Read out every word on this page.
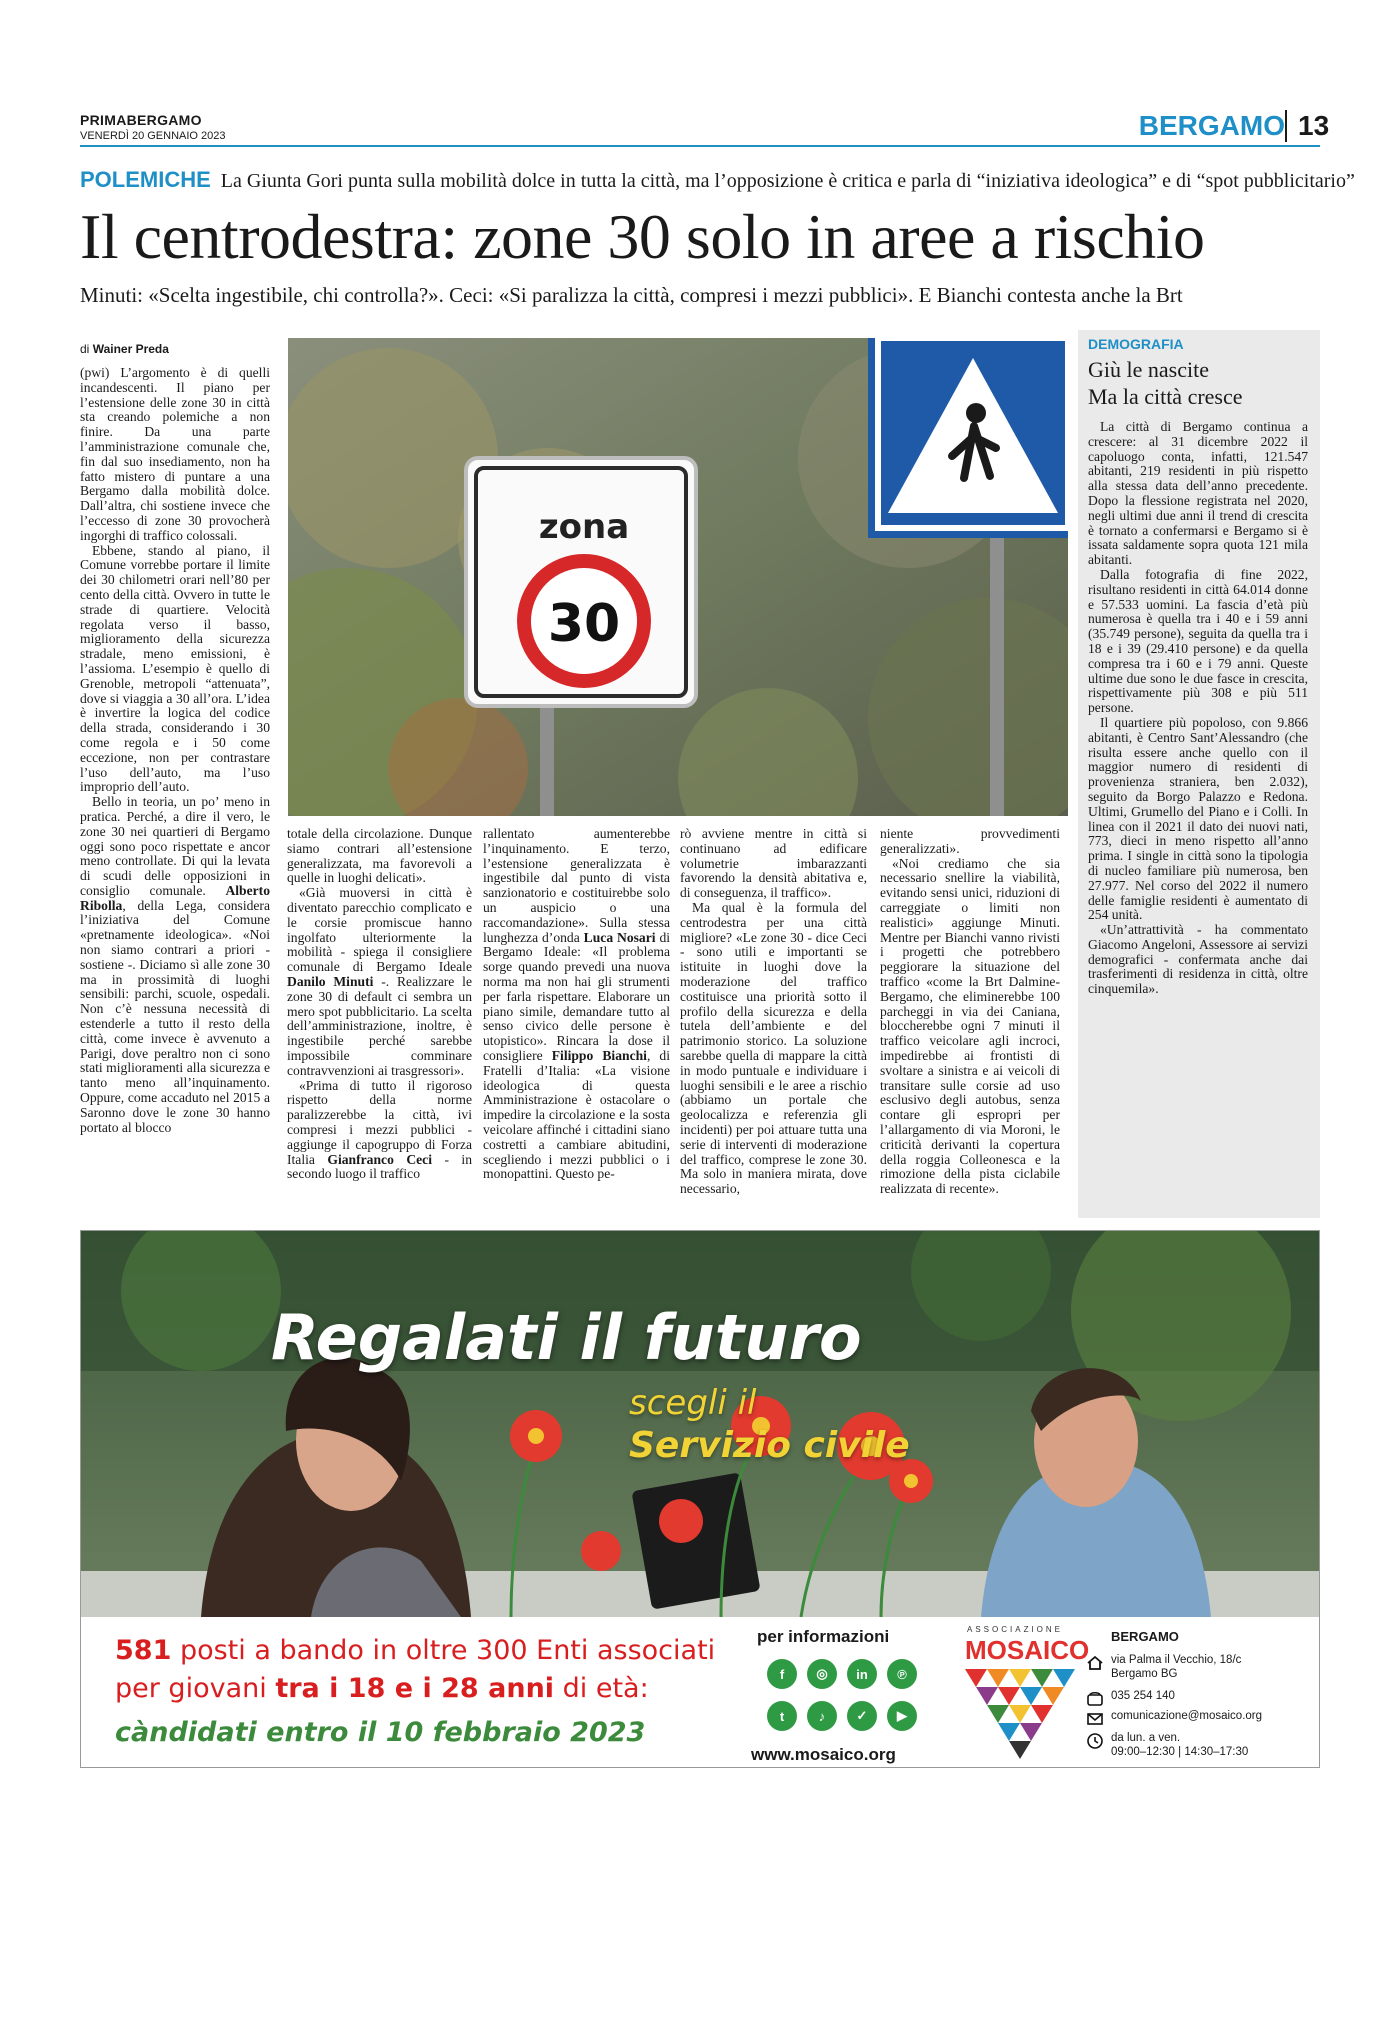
PRIMABERGAMO
VENERDÌ 20 GENNAIO 2023	BERGAMO 13
POLEMICHE La Giunta Gori punta sulla mobilità dolce in tutta la città, ma l’opposizione è critica e parla di “iniziativa ideologica” e di “spot pubblicitario”
Il centrodestra: zone 30 solo in aree a rischio
Minuti: «Scelta ingestibile, chi controlla?». Ceci: «Si paralizza la città, compresi i mezzi pubblici». E Bianchi contesta anche la Brt
di Wainer Preda
zona
30

(pwi) L’argomento è di quelli incandescenti. Il piano per l’estensione delle zone 30 in città sta creando polemiche a non finire. Da una parte l’amministrazione comunale che, fin dal suo insediamento, non ha fatto mistero di puntare a una Bergamo dalla mobilità dolce. Dall’altra, chi sostiene invece che l’eccesso di zone 30 provocherà ingorghi di traffico colossali.

Ebbene, stando al piano, il Comune vorrebbe portare il limite dei 30 chilometri orari nell’80 per cento della città. Ovvero in tutte le strade di quartiere. Velocità regolata verso il basso, miglioramento della sicurezza stradale, meno emissioni, è l’assioma. L’esempio è quello di Grenoble, metropoli “attenuata”, dove si viaggia a 30 all’ora. L’idea è invertire la logica del codice della strada, considerando i 30 come regola e i 50 come eccezione, non per contrastare l’uso dell’auto, ma l’uso improprio dell’auto.

Bello in teoria, un po’ meno in pratica. Perché, a dire il vero, le zone 30 nei quartieri di Bergamo oggi sono poco rispettate e ancor meno controllate. Di qui la levata di scudi delle opposizioni in consiglio comunale. Alberto Ribolla, della Lega, considera l’iniziativa del Comune «pretnamente ideologica». «Noi non siamo contrari a priori - sostiene -. Diciamo sì alle zone 30 ma in prossimità di luoghi sensibili: parchi, scuole, ospedali. Non c’è nessuna necessità di estenderle a tutto il resto della città, come invece è avvenuto a Parigi, dove peraltro non ci sono stati miglioramenti alla sicurezza e tanto meno all’inquinamento. Oppure, come accaduto nel 2015 a Saronno dove le zone 30 hanno portato al blocco

totale della circolazione. Dunque siamo contrari all’estensione generalizzata, ma favorevoli a quelle in luoghi delicati».

«Già muoversi in città è diventato parecchio complicato e le corsie promiscue hanno ingolfato ulteriormente la mobilità - spiega il consigliere comunale di Bergamo Ideale Danilo Minuti -. Realizzare le zone 30 di default ci sembra un mero spot pubblicitario. La scelta dell’amministrazione, inoltre, è ingestibile perché sarebbe impossibile comminare contravvenzioni ai trasgressori».

«Prima di tutto il rigoroso rispetto della norme paralizzerebbe la città, ivi compresi i mezzi pubblici - aggiunge il capogruppo di Forza Italia Gianfranco Ceci - in secondo luogo il traffico

rallentato aumenterebbe l’inquinamento. E terzo, l’estensione generalizzata è ingestibile dal punto di vista sanzionatorio e costituirebbe solo un auspicio o una raccomandazione». Sulla stessa lunghezza d’onda Luca Nosari di Bergamo Ideale: «Il problema sorge quando prevedi una nuova norma ma non hai gli strumenti per farla rispettare. Elaborare un piano simile, demandare tutto al senso civico delle persone è utopistico». Rincara la dose il consigliere Filippo Bianchi, di Fratelli d’Italia: «La visione ideologica di questa Amministrazione è ostacolare o impedire la circolazione e la sosta veicolare affinché i cittadini siano costretti a cambiare abitudini, scegliendo i mezzi pubblici o i monopattini. Questo pe-

rò avviene mentre in città si continuano ad edificare volumetrie imbarazzanti favorendo la densità abitativa e, di conseguenza, il traffico».

Ma qual è la formula del centrodestra per una città migliore? «Le zone 30 - dice Ceci - sono utili e importanti se istituite in luoghi dove la moderazione del traffico costituisce una priorità sotto il profilo della sicurezza e della tutela dell’ambiente e del patrimonio storico. La soluzione sarebbe quella di mappare la città in modo puntuale e individuare i luoghi sensibili e le aree a rischio (abbiamo un portale che geolocalizza e referenzia gli incidenti) per poi attuare tutta una serie di interventi di moderazione del traffico, comprese le zone 30. Ma solo in maniera mirata, dove necessario,

niente provvedimenti generalizzati».

«Noi crediamo che sia necessario snellire la viabilità, evitando sensi unici, riduzioni di carreggiate o limiti non realistici» aggiunge Minuti. Mentre per Bianchi vanno rivisti i progetti che potrebbero peggiorare la situazione del traffico «come la Brt Dalmine-Bergamo, che eliminerebbe 100 parcheggi in via dei Caniana, bloccherebbe ogni 7 minuti il traffico veicolare agli incroci, impedirebbe ai frontisti di svoltare a sinistra e ai veicoli di transitare sulle corsie ad uso esclusivo degli autobus, senza contare gli espropri per l’allargamento di via Moroni, le criticità derivanti la copertura della roggia Colleonesca e la rimozione della pista ciclabile realizzata di recente».

DEMOGRAFIA
Giù le nascite
Ma la città cresce

La città di Bergamo continua a crescere: al 31 dicembre 2022 il capoluogo conta, infatti, 121.547 abitanti, 219 residenti in più rispetto alla stessa data dell’anno precedente. Dopo la flessione registrata nel 2020, negli ultimi due anni il trend di crescita è tornato a confermarsi e Bergamo si è issata saldamente sopra quota 121 mila abitanti.

Dalla fotografia di fine 2022, risultano residenti in città 64.014 donne e 57.533 uomini. La fascia d’età più numerosa è quella tra i 40 e i 59 anni (35.749 persone), seguita da quella tra i 18 e i 39 (29.410 persone) e da quella compresa tra i 60 e i 79 anni. Queste ultime due sono le due fasce in crescita, rispettivamente più 308 e più 511 persone.

Il quartiere più popoloso, con 9.866 abitanti, è Centro Sant’Alessandro (che risulta essere anche quello con il maggior numero di residenti di provenienza straniera, ben 2.032), seguito da Borgo Palazzo e Redona. Ultimi, Grumello del Piano e i Colli. In linea con il 2021 il dato dei nuovi nati, 773, dieci in meno rispetto all’anno prima. I single in città sono la tipologia di nucleo familiare più numerosa, ben 27.977. Nel corso del 2022 il numero delle famiglie residenti è aumentato di 254 unità.

«Un’attrattività - ha commentato Giacomo Angeloni, Assessore ai servizi demografici - confermata anche dai trasferimenti di residenza in città, oltre cinquemila».

Regalati il futuro
scegli il
Servizio civile
581 posti a bando in oltre 300 Enti associati
per giovani tra i 18 e i 28 anni di età:
càndidati entro il 10 febbraio 2023
per informazioni
f	◎	in	℗
t	♪	✓	▶
www.mosaico.org
ASSOCIAZIONE
MOSAICO BERGAMO
via Palma il Vecchio, 18/c
Bergamo BG
035 254 140
comunicazione@mosaico.org
da lun. a ven.
09:00–12:30 | 14:30–17:30
